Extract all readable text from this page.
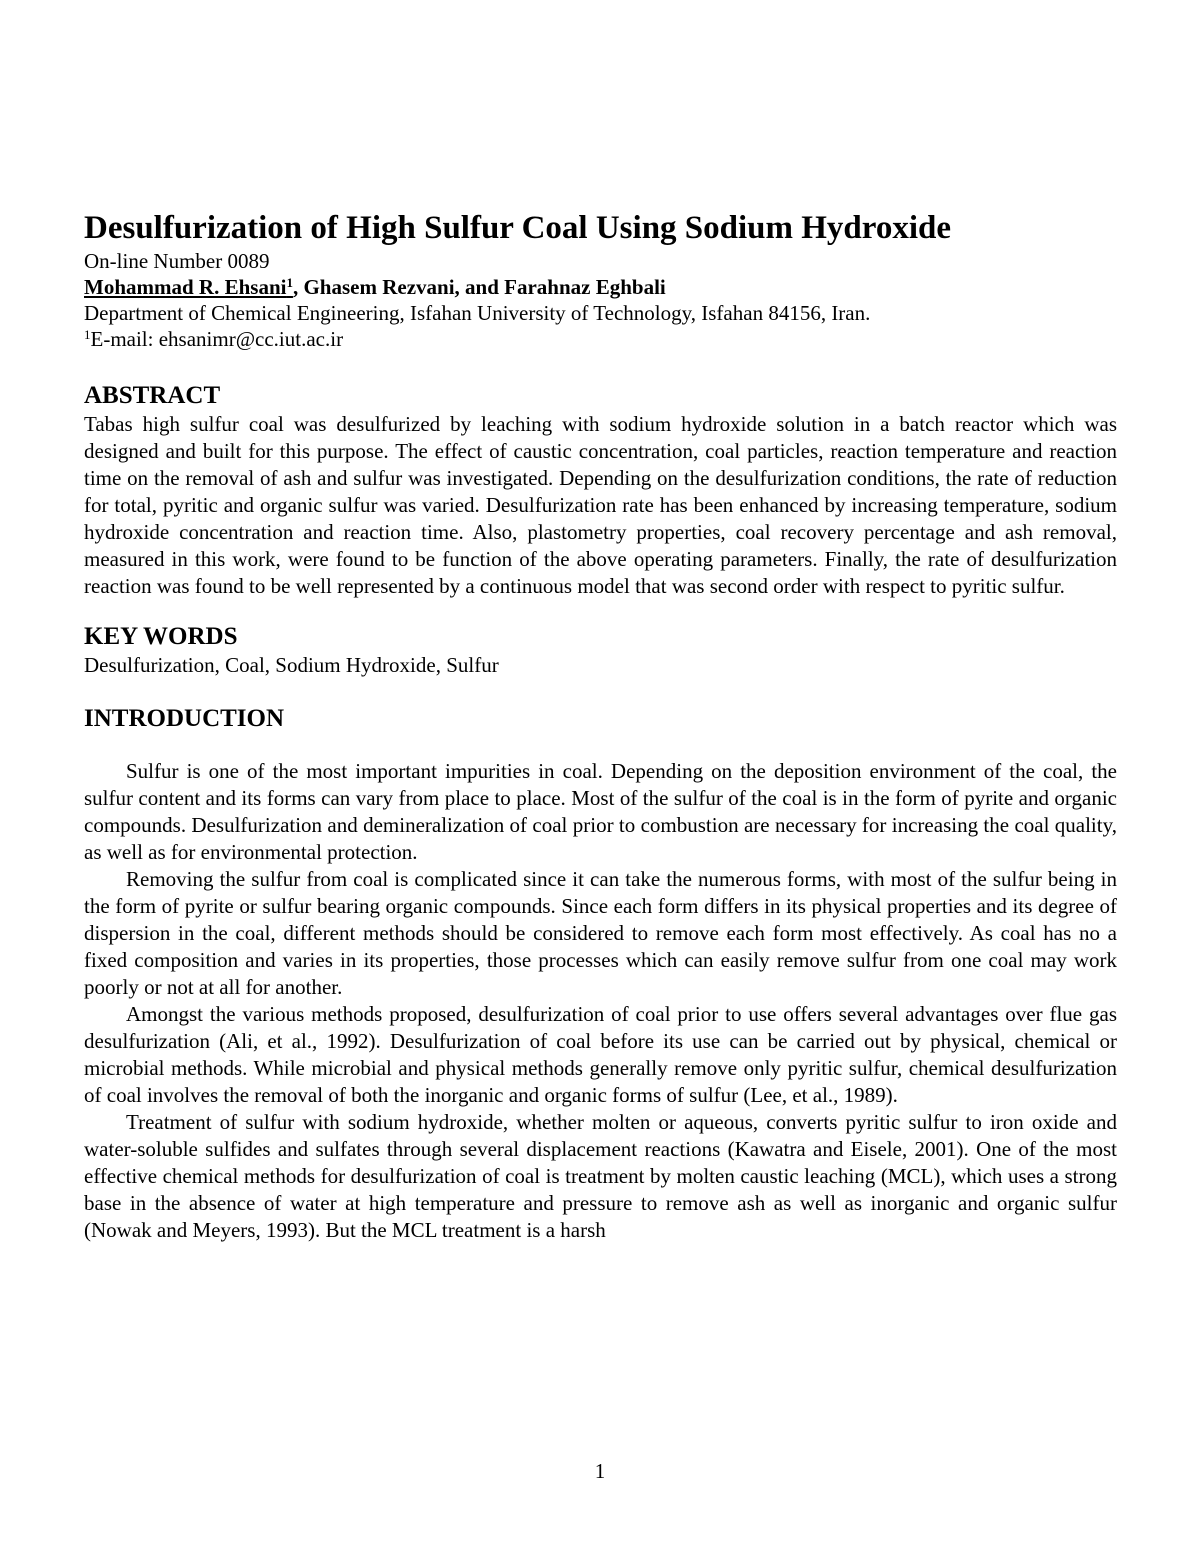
Desulfurization of High Sulfur Coal Using Sodium Hydroxide
On-line Number 0089
Mohammad R. Ehsani$^1$, Ghasem Rezvani, and Farahnaz Eghbali
Department of Chemical Engineering, Isfahan University of Technology, Isfahan 84156, Iran.
$^1$E-mail: ehsanimr@cc.iut.ac.ir
ABSTRACT

Tabas high sulfur coal was desulfurized by leaching with sodium hydroxide solution in a batch reactor which was designed and built for this purpose. The effect of caustic concentration, coal particles, reaction temperature and reaction time on the removal of ash and sulfur was investigated. Depending on the desulfurization conditions, the rate of reduction for total, pyritic and organic sulfur was varied. Desulfurization rate has been enhanced by increasing temperature, sodium hydroxide concentration and reaction time. Also, plastometry properties, coal recovery percentage and ash removal, measured in this work, were found to be function of the above operating parameters. Finally, the rate of desulfurization reaction was found to be well represented by a continuous model that was second order with respect to pyritic sulfur.

KEY WORDS
Desulfurization, Coal, Sodium Hydroxide, Sulfur
INTRODUCTION

Sulfur is one of the most important impurities in coal. Depending on the deposition environment of the coal, the sulfur content and its forms can vary from place to place. Most of the sulfur of the coal is in the form of pyrite and organic compounds. Desulfurization and demineralization of coal prior to combustion are necessary for increasing the coal quality, as well as for environmental protection.

Removing the sulfur from coal is complicated since it can take the numerous forms, with most of the sulfur being in the form of pyrite or sulfur bearing organic compounds. Since each form differs in its physical properties and its degree of dispersion in the coal, different methods should be considered to remove each form most effectively. As coal has no a fixed composition and varies in its properties, those processes which can easily remove sulfur from one coal may work poorly or not at all for another.

Amongst the various methods proposed, desulfurization of coal prior to use offers several advantages over flue gas desulfurization (Ali, et al., 1992). Desulfurization of coal before its use can be carried out by physical, chemical or microbial methods. While microbial and physical methods generally remove only pyritic sulfur, chemical desulfurization of coal involves the removal of both the inorganic and organic forms of sulfur (Lee, et al., 1989).

Treatment of sulfur with sodium hydroxide, whether molten or aqueous, converts pyritic sulfur to iron oxide and water-soluble sulfides and sulfates through several displacement reactions (Kawatra and Eisele, 2001). One of the most effective chemical methods for desulfurization of coal is treatment by molten caustic leaching (MCL), which uses a strong base in the absence of water at high temperature and pressure to remove ash as well as inorganic and organic sulfur (Nowak and Meyers, 1993). But the MCL treatment is a harsh

1
